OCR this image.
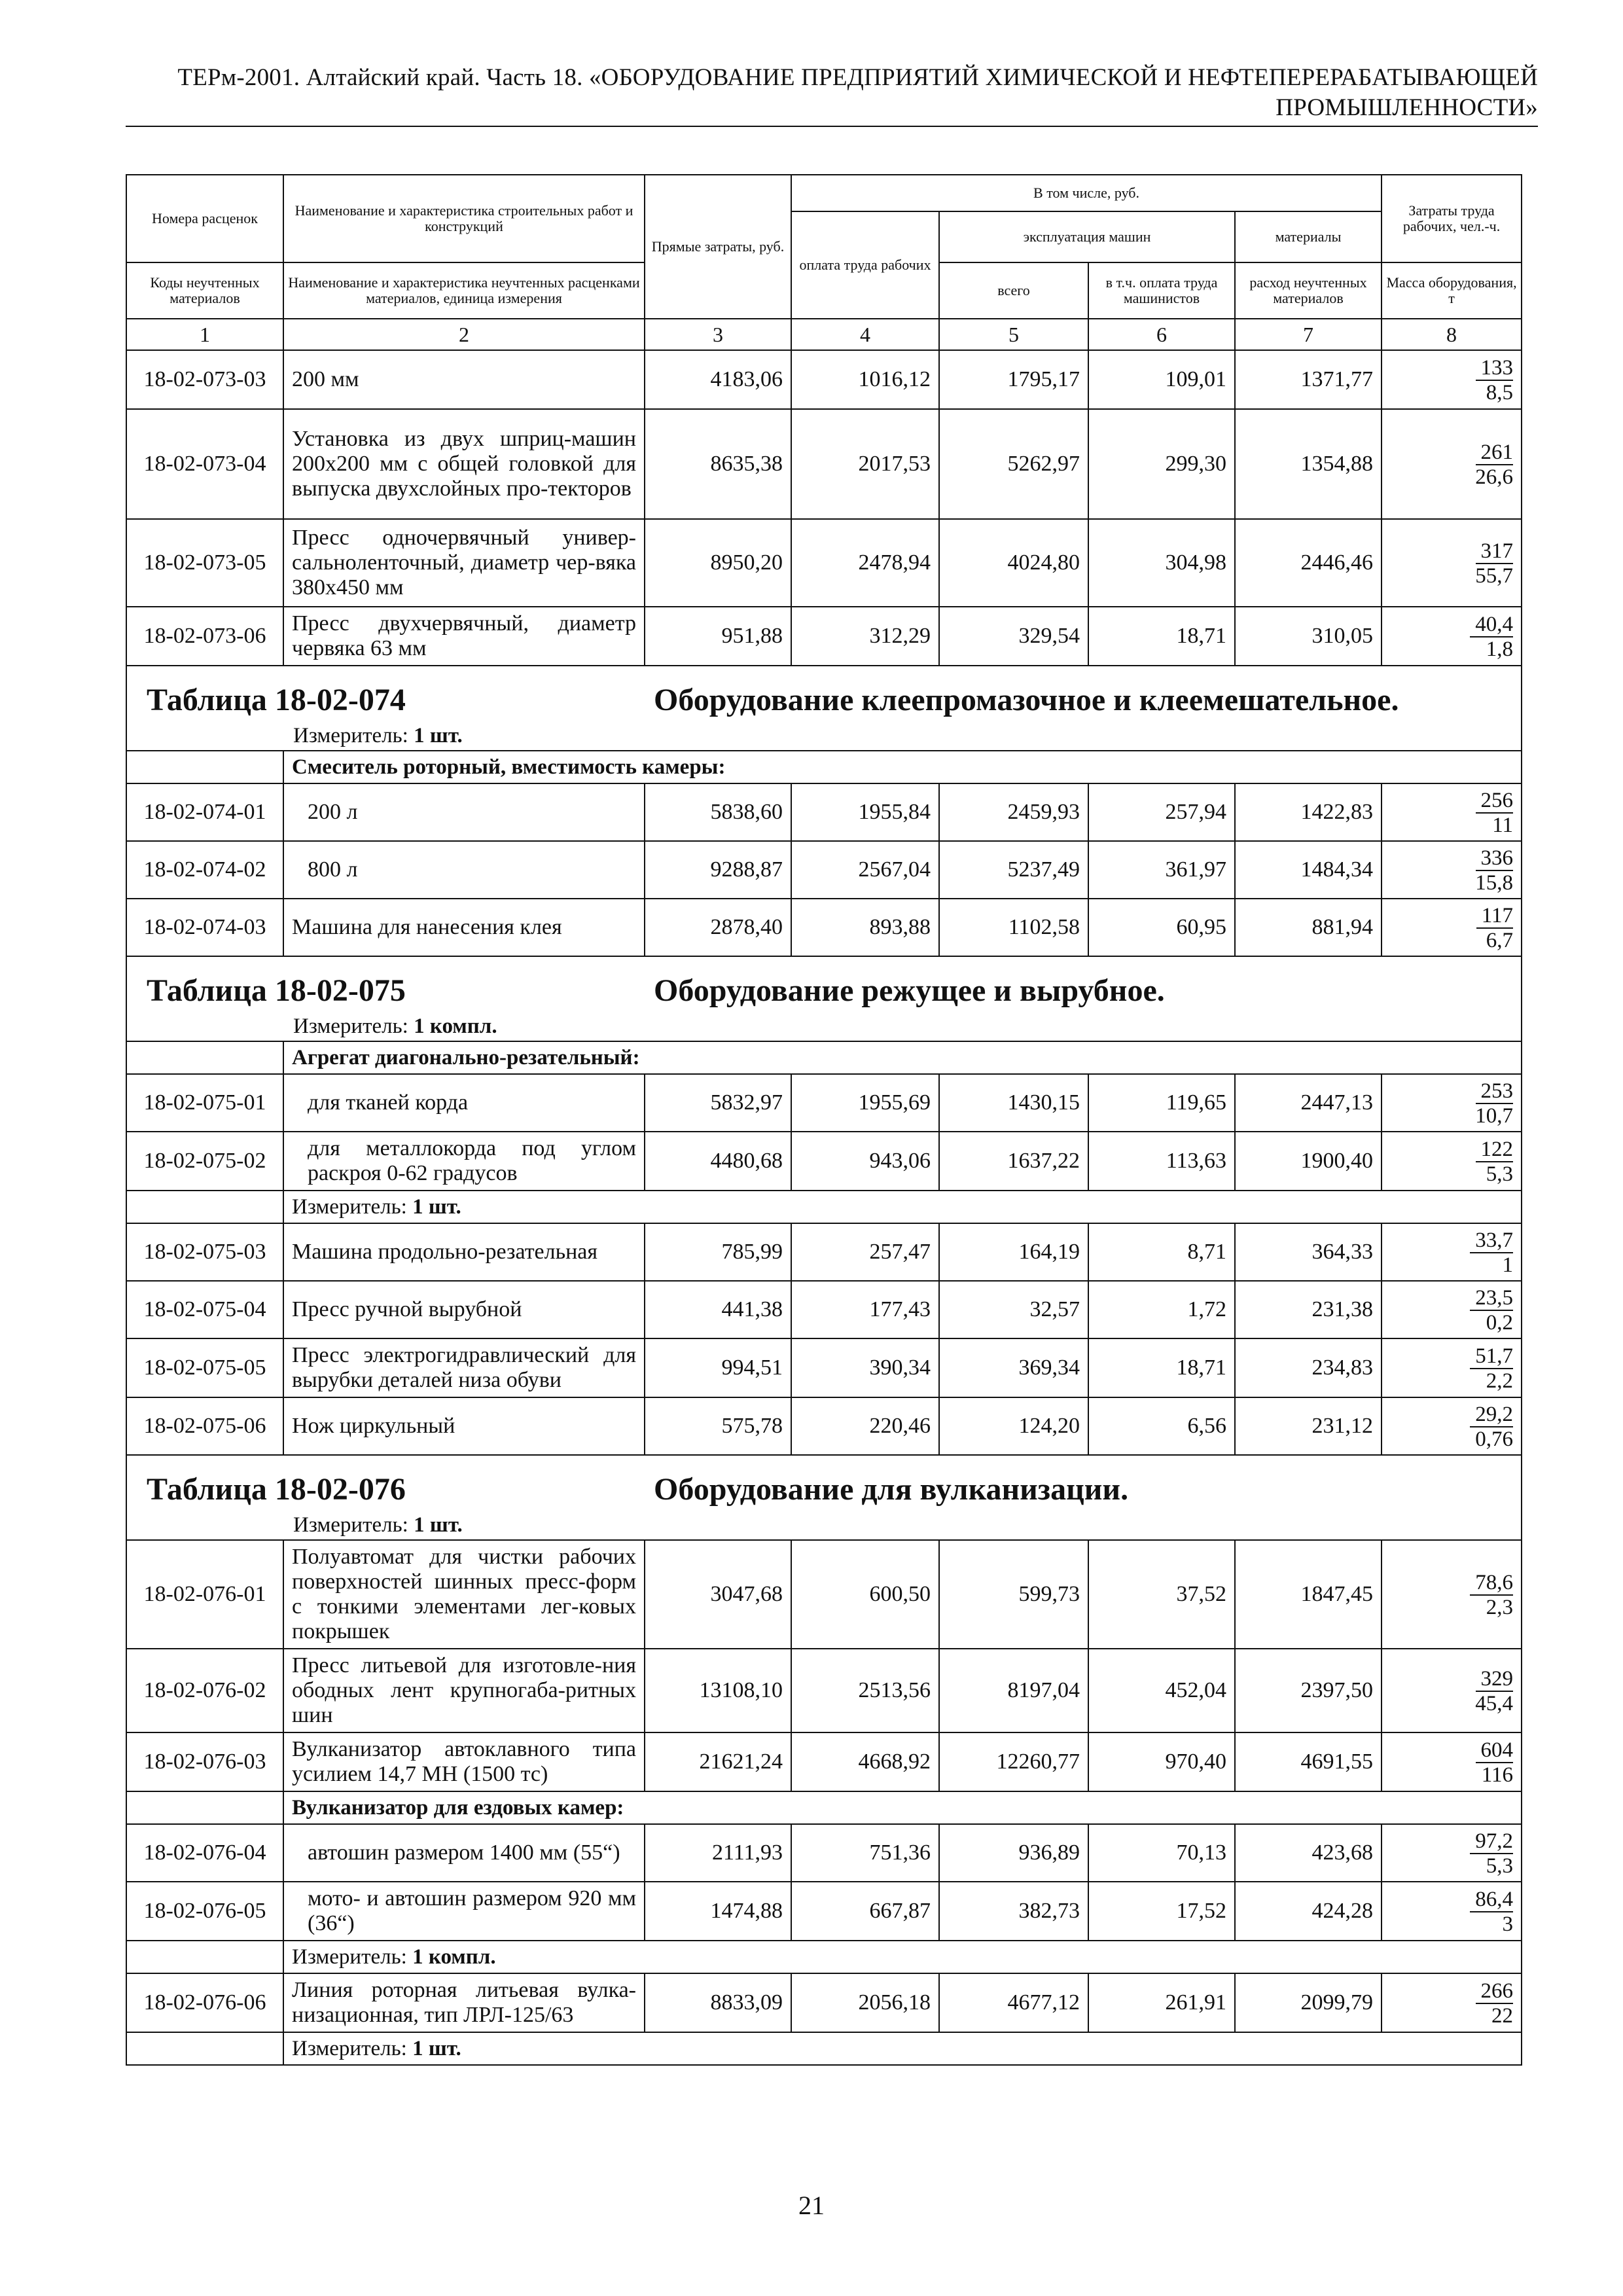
ТЕРм-2001. Алтайский край. Часть 18. «ОБОРУДОВАНИЕ ПРЕДПРИЯТИЙ ХИМИЧЕСКОЙ И НЕФТЕПЕРЕРАБАТЫВАЮЩЕЙ
ПРОМЫШЛЕННОСТИ»
Номера расценок	Наименование и характеристика строительных работ и конструкций	Прямые затраты, руб.	В том числе, руб.				Затраты труда рабочих, чел.-ч.
			оплата труда рабочих	эксплуатация машин		материалы	
Коды неучтенных материалов	Наименование и характеристика неучтенных расценками материалов, единица измерения			всего	в т.ч. оплата труда машинистов	расход неучтенных материалов	Масса оборудования, т
1	2	3	4	5	6	7	8
18-02-073-03	200 мм	4183,06	1016,12	1795,17	109,01	1371,77	$\frac{133}{8,5}$

18-02-073-04	Установка из двух шприц-машин 200х200 мм с общей головкой для выпуска двухслойных про-текторов	8635,38	2017,53	5262,97	299,30	1354,88	$\frac{261}{26,6}$

18-02-073-05	Пресс одночервячный универ-сальноленточный, диаметр чер-вяка 380х450 мм	8950,20	2478,94	4024,80	304,98	2446,46	$\frac{317}{55,7}$

18-02-073-06	Пресс двухчервячный, диаметр червяка 63 мм	951,88	312,29	329,54	18,71	310,05	$\frac{40,4}{1,8}$

Таблица 18-02-074 Оборудование клеепромазочное и клеемешательное.							

Измеритель: 1 шт.							
	Смеситель роторный, вместимость камеры:						
18-02-074-01	200 л	5838,60	1955,84	2459,93	257,94	1422,83	$\frac{256}{11}$

18-02-074-02	800 л	9288,87	2567,04	5237,49	361,97	1484,34	$\frac{336}{15,8}$

18-02-074-03	Машина для нанесения клея	2878,40	893,88	1102,58	60,95	881,94	$\frac{117}{6,7}$

Таблица 18-02-075 Оборудование режущее и вырубное.							

Измеритель: 1 компл.							
	Агрегат диагонально-резательный:						
18-02-075-01	для тканей корда	5832,97	1955,69	1430,15	119,65	2447,13	$\frac{253}{10,7}$

18-02-075-02	для металлокорда под углом раскроя 0-62 градусов	4480,68	943,06	1637,22	113,63	1900,40	$\frac{122}{5,3}$

	Измеритель: 1 шт.						
18-02-075-03	Машина продольно-резательная	785,99	257,47	164,19	8,71	364,33	$\frac{33,7}{1}$

18-02-075-04	Пресс ручной вырубной	441,38	177,43	32,57	1,72	231,38	$\frac{23,5}{0,2}$

18-02-075-05	Пресс электрогидравлический для вырубки деталей низа обуви	994,51	390,34	369,34	18,71	234,83	$\frac{51,7}{2,2}$

18-02-075-06	Нож циркульный	575,78	220,46	124,20	6,56	231,12	$\frac{29,2}{0,76}$

Таблица 18-02-076 Оборудование для вулканизации.							

Измеритель: 1 шт.							
18-02-076-01	Полуавтомат для чистки рабочих поверхностей шинных пресс-форм с тонкими элементами лег-ковых покрышек	3047,68	600,50	599,73	37,52	1847,45	$\frac{78,6}{2,3}$

18-02-076-02	Пресс литьевой для изготовле-ния ободных лент крупногаба-ритных шин	13108,10	2513,56	8197,04	452,04	2397,50	$\frac{329}{45,4}$

18-02-076-03	Вулканизатор автоклавного типа усилием 14,7 МН (1500 тс)	21621,24	4668,92	12260,77	970,40	4691,55	$\frac{604}{116}$

	Вулканизатор для ездовых камер:						
18-02-076-04	автошин размером 1400 мм (55“)	2111,93	751,36	936,89	70,13	423,68	$\frac{97,2}{5,3}$

18-02-076-05	мото- и автошин размером 920 мм (36“)	1474,88	667,87	382,73	17,52	424,28	$\frac{86,4}{3}$

	Измеритель: 1 компл.						
18-02-076-06	Линия роторная литьевая вулка-низационная, тип ЛРЛ-125/63	8833,09	2056,18	4677,12	261,91	2099,79	$\frac{266}{22}$

	Измеритель: 1 шт.						
21
